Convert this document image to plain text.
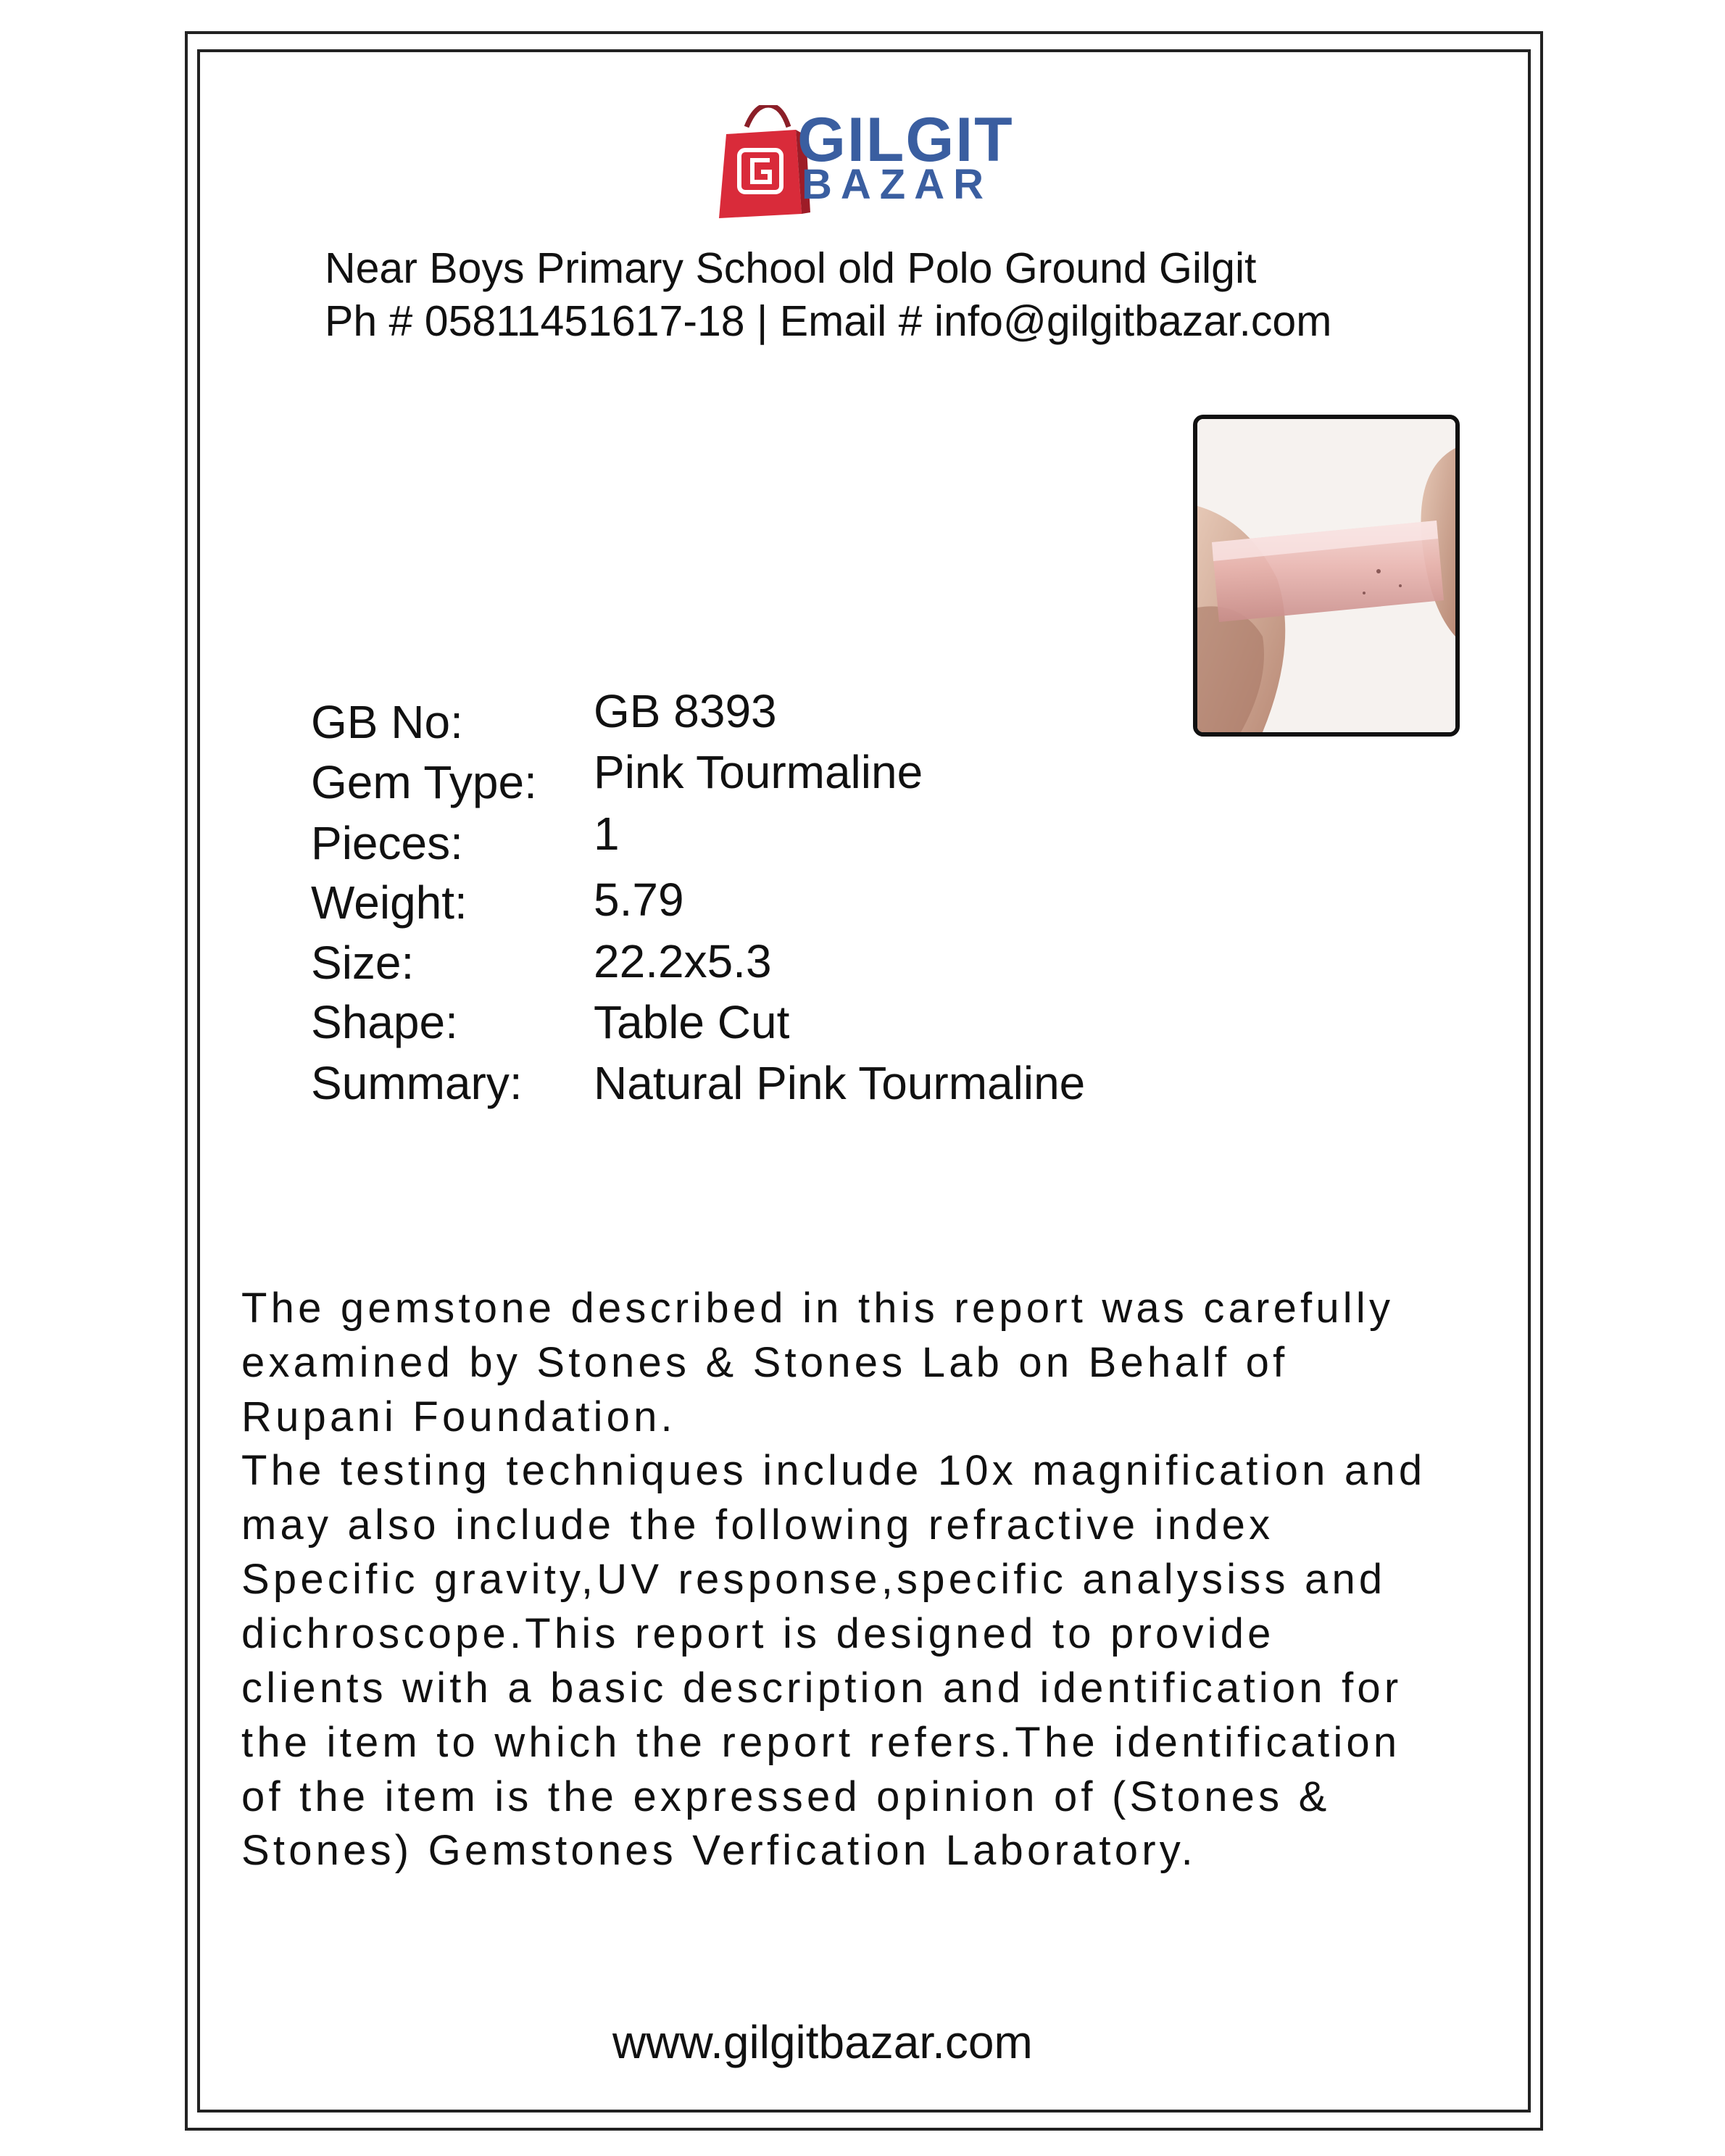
GILGIT
BAZAR
Near Boys Primary School old Polo Ground Gilgit
Ph # 05811451617-18 | Email # info@gilgitbazar.com
GB No:	GB 8393
Gem Type: Pink Tourmaline
Pieces:	1
Weight:	5.79
Size:	22.2x5.3
Shape:	Table Cut
Summary: Natural Pink Tourmaline
The gemstone described in this report was carefully
examined by Stones & Stones Lab on Behalf of
Rupani Foundation.
The testing techniques include 10x magnification and
may also include the following refractive index
Specific gravity,UV response,specific analysiss and
dichroscope.This report is designed to provide
clients with a basic description and identification for
the item to which the report refers.The identification
of the item is the expressed opinion of (Stones &
Stones) Gemstones Verfication Laboratory.
www.gilgitbazar.com
